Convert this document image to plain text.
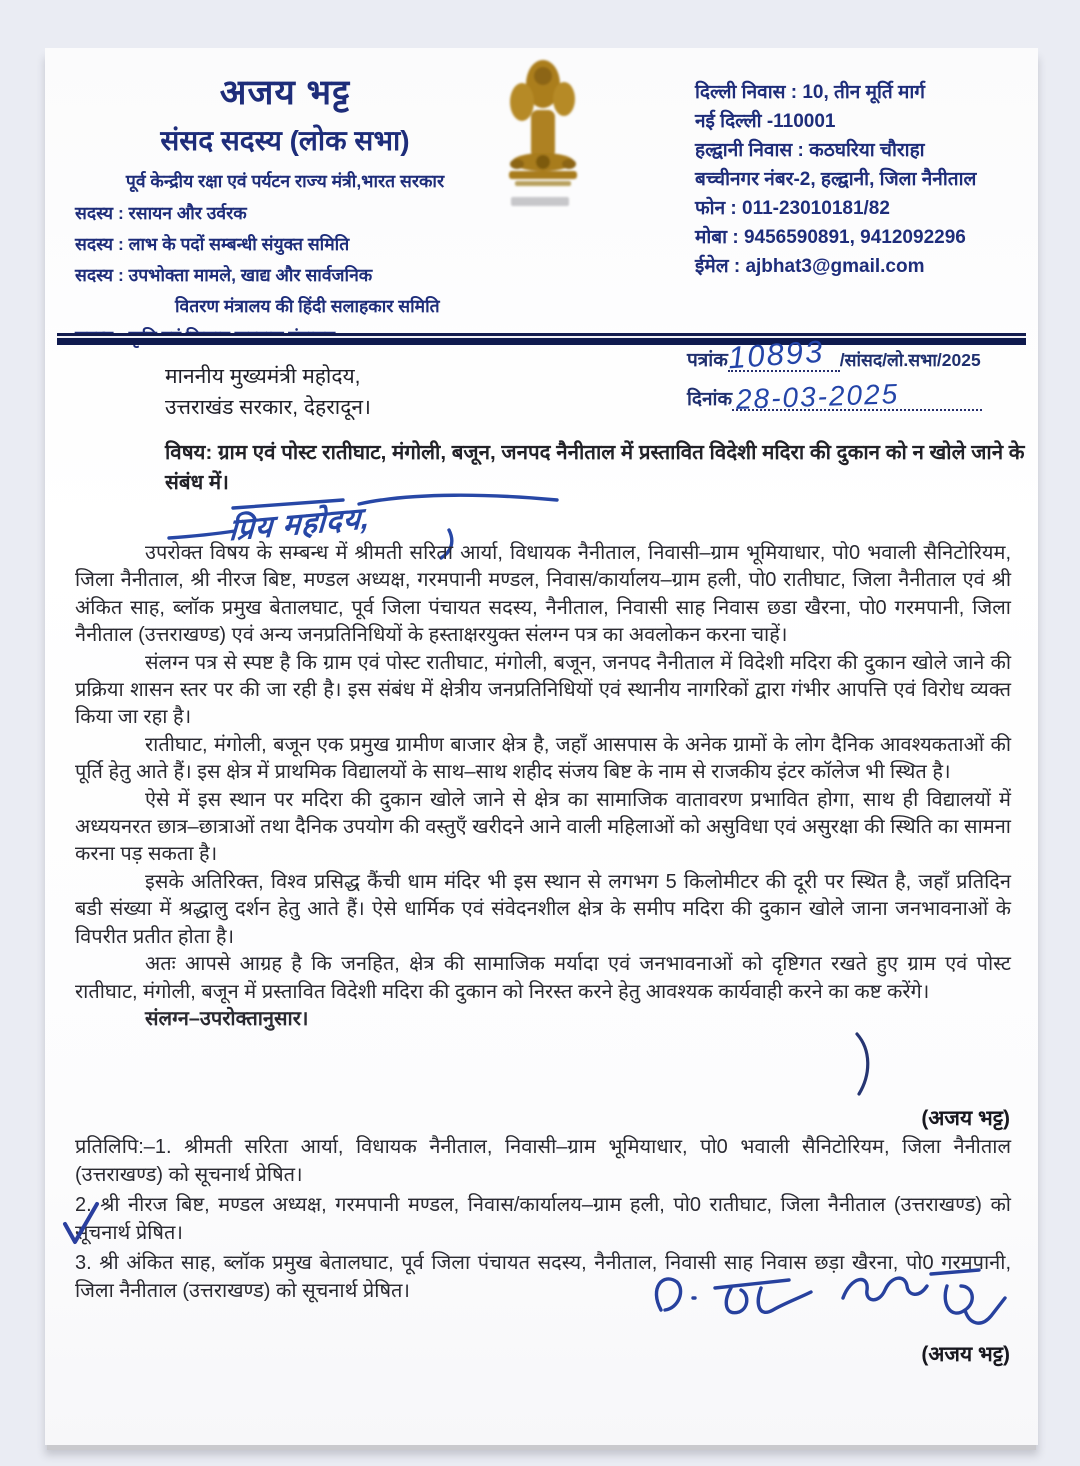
अजय भट्ट
संसद सदस्य (लोक सभा)
पूर्व केन्द्रीय रक्षा एवं पर्यटन राज्य मंत्री,भारत सरकार
सदस्य : रसायन और उर्वरक
सदस्य : लाभ के पदों सम्बन्धी संयुक्त समिति
सदस्य : उपभोक्ता मामले, खाद्य और सार्वजनिक
वितरण मंत्रालय की हिंदी सलाहकार समिति
दिल्ली निवास : 10, तीन मूर्ति मार्ग
नई दिल्ली -110001
हल्द्वानी निवास : कठघरिया चौराहा
बच्चीनगर नंबर-2, हल्द्वानी, जिला नैनीताल
फोन : 011-23010181/82
मोबा : 9456590891, 9412092296
ईमेल : ajbhat3@gmail.com
माननीय मुख्यमंत्री महोदय,
उत्तराखंड सरकार, देहरादून।
पत्रांक
10893 /सांसद/लो.सभा/2025
दिनांक 28-03-2025
विषय: ग्राम एवं पोस्ट रातीघाट, मंगोली, बजून, जनपद नैनीताल में प्रस्तावित विदेशी मदिरा की दुकान को न खोले जाने के संबंध में।
प्रिय महोदय,

उपरोक्त विषय के सम्बन्ध में श्रीमती सरिता आर्या, विधायक नैनीताल, निवासी–ग्राम भूमियाधार, पो0 भवाली सैनिटोरियम, जिला नैनीताल, श्री नीरज बिष्ट, मण्डल अध्यक्ष, गरमपानी मण्डल, निवास/कार्यालय–ग्राम हली, पो0 रातीघाट, जिला नैनीताल एवं श्री अंकित साह, ब्लॉक प्रमुख बेतालघाट, पूर्व जिला पंचायत सदस्य, नैनीताल, निवासी साह निवास छडा खैरना, पो0 गरमपानी, जिला नैनीताल (उत्तराखण्ड) एवं अन्य जनप्रतिनिधियों के हस्ताक्षरयुक्त संलग्न पत्र का अवलोकन करना चाहें।

संलग्न पत्र से स्पष्ट है कि ग्राम एवं पोस्ट रातीघाट, मंगोली, बजून, जनपद नैनीताल में विदेशी मदिरा की दुकान खोले जाने की प्रक्रिया शासन स्तर पर की जा रही है। इस संबंध में क्षेत्रीय जनप्रतिनिधियों एवं स्थानीय नागरिकों द्वारा गंभीर आपत्ति एवं विरोध व्यक्त किया जा रहा है।

रातीघाट, मंगोली, बजून एक प्रमुख ग्रामीण बाजार क्षेत्र है, जहाँ आसपास के अनेक ग्रामों के लोग दैनिक आवश्यकताओं की पूर्ति हेतु आते हैं। इस क्षेत्र में प्राथमिक विद्यालयों के साथ–साथ शहीद संजय बिष्ट के नाम से राजकीय इंटर कॉलेज भी स्थित है।

ऐसे में इस स्थान पर मदिरा की दुकान खोले जाने से क्षेत्र का सामाजिक वातावरण प्रभावित होगा, साथ ही विद्यालयों में अध्ययनरत छात्र–छात्राओं तथा दैनिक उपयोग की वस्तुएँ खरीदने आने वाली महिलाओं को असुविधा एवं असुरक्षा की स्थिति का सामना करना पड़ सकता है।

इसके अतिरिक्त, विश्व प्रसिद्ध कैंची धाम मंदिर भी इस स्थान से लगभग 5 किलोमीटर की दूरी पर स्थित है, जहाँ प्रतिदिन बडी संख्या में श्रद्धालु दर्शन हेतु आते हैं। ऐसे धार्मिक एवं संवेदनशील क्षेत्र के समीप मदिरा की दुकान खोले जाना जनभावनाओं के विपरीत प्रतीत होता है।

अतः आपसे आग्रह है कि जनहित, क्षेत्र की सामाजिक मर्यादा एवं जनभावनाओं को दृष्टिगत रखते हुए ग्राम एवं पोस्ट रातीघाट, मंगोली, बजून में प्रस्तावित विदेशी मदिरा की दुकान को निरस्त करने हेतु आवश्यक कार्यवाही करने का कष्ट करेंगे।

संलग्न–उपरोक्तानुसार।

(अजय भट्ट)

प्रतिलिपि:–1. श्रीमती सरिता आर्या, विधायक नैनीताल, निवासी–ग्राम भूमियाधार, पो0 भवाली सैनिटोरियम, जिला नैनीताल (उत्तराखण्ड) को सूचनार्थ प्रेषित।

2. श्री नीरज बिष्ट, मण्डल अध्यक्ष, गरमपानी मण्डल, निवास/कार्यालय–ग्राम हली, पो0 रातीघाट, जिला नैनीताल (उत्तराखण्ड) को सूचनार्थ प्रेषित।

3. श्री अंकित साह, ब्लॉक प्रमुख बेतालघाट, पूर्व जिला पंचायत सदस्य, नैनीताल, निवासी साह निवास छड़ा खैरना, पो0 गरमपानी, जिला नैनीताल (उत्तराखण्ड) को सूचनार्थ प्रेषित।

(अजय भट्ट)
